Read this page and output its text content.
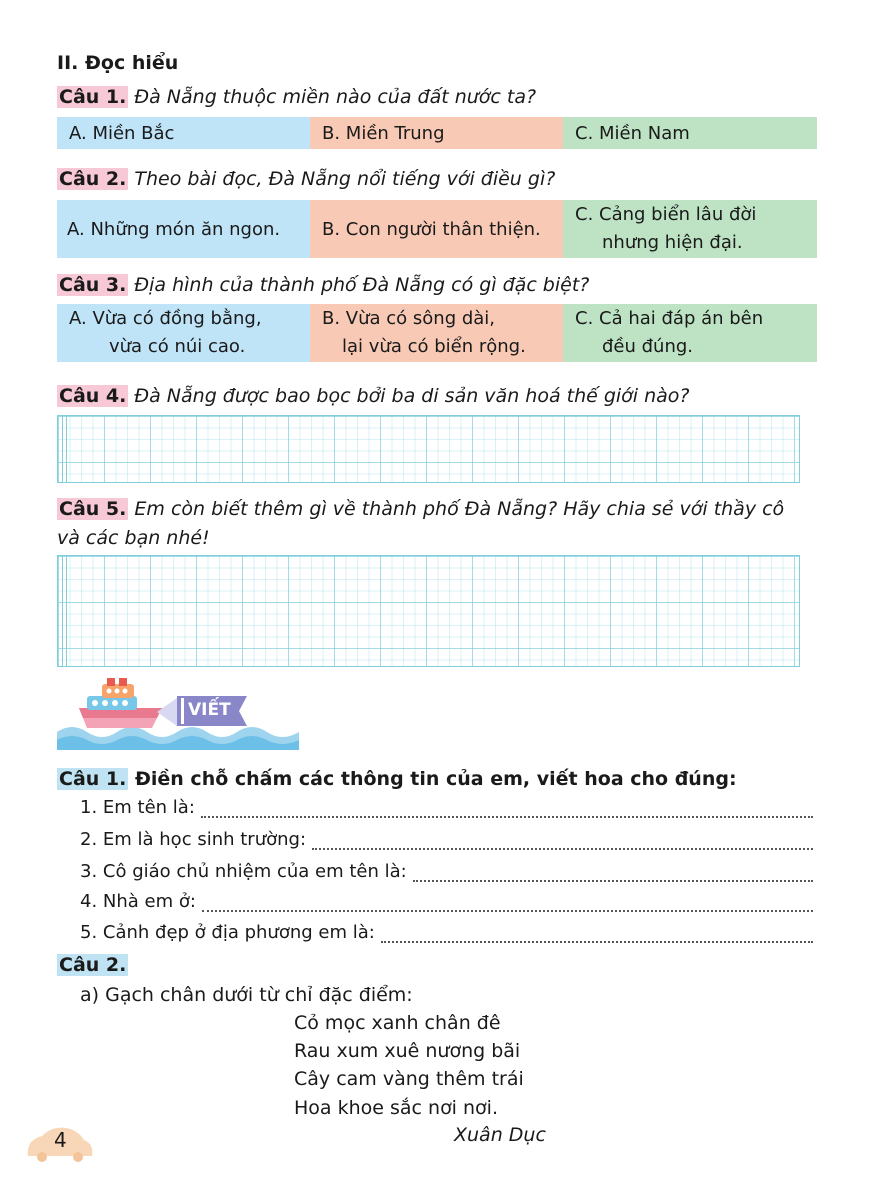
II. Đọc hiểu
Câu 1. Đà Nẵng thuộc miền nào của đất nước ta?
A. Miền Bắc	B. Miền Trung	C. Miền Nam
Câu 2. Theo bài đọc, Đà Nẵng nổi tiếng với điều gì?
A. Những món ăn ngon. B. Con người thân thiện.
C. Cảng biển lâu đời
nhưng hiện đại.
Câu 3. Địa hình của thành phố Đà Nẵng có gì đặc biệt?
A. Vừa có đồng bằng,
vừa có núi cao.
B. Vừa có sông dài,
lại vừa có biển rộng.
C. Cả hai đáp án bên
đều đúng.
Câu 4. Đà Nẵng được bao bọc bởi ba di sản văn hoá thế giới nào?
Câu 5. Em còn biết thêm gì về thành phố Đà Nẵng? Hãy chia sẻ với thầy cô
và các bạn nhé!
VIẾT
Câu 1. Điền chỗ chấm các thông tin của em, viết hoa cho đúng:
1. Em tên là:
2. Em là học sinh trường:
3. Cô giáo chủ nhiệm của em tên là:
4. Nhà em ở:
5. Cảnh đẹp ở địa phương em là:
Câu 2.
a) Gạch chân dưới từ chỉ đặc điểm:
Cỏ mọc xanh chân đê
Rau xum xuê nương bãi
Cây cam vàng thêm trái
Hoa khoe sắc nơi nơi.
Xuân Dục
4
